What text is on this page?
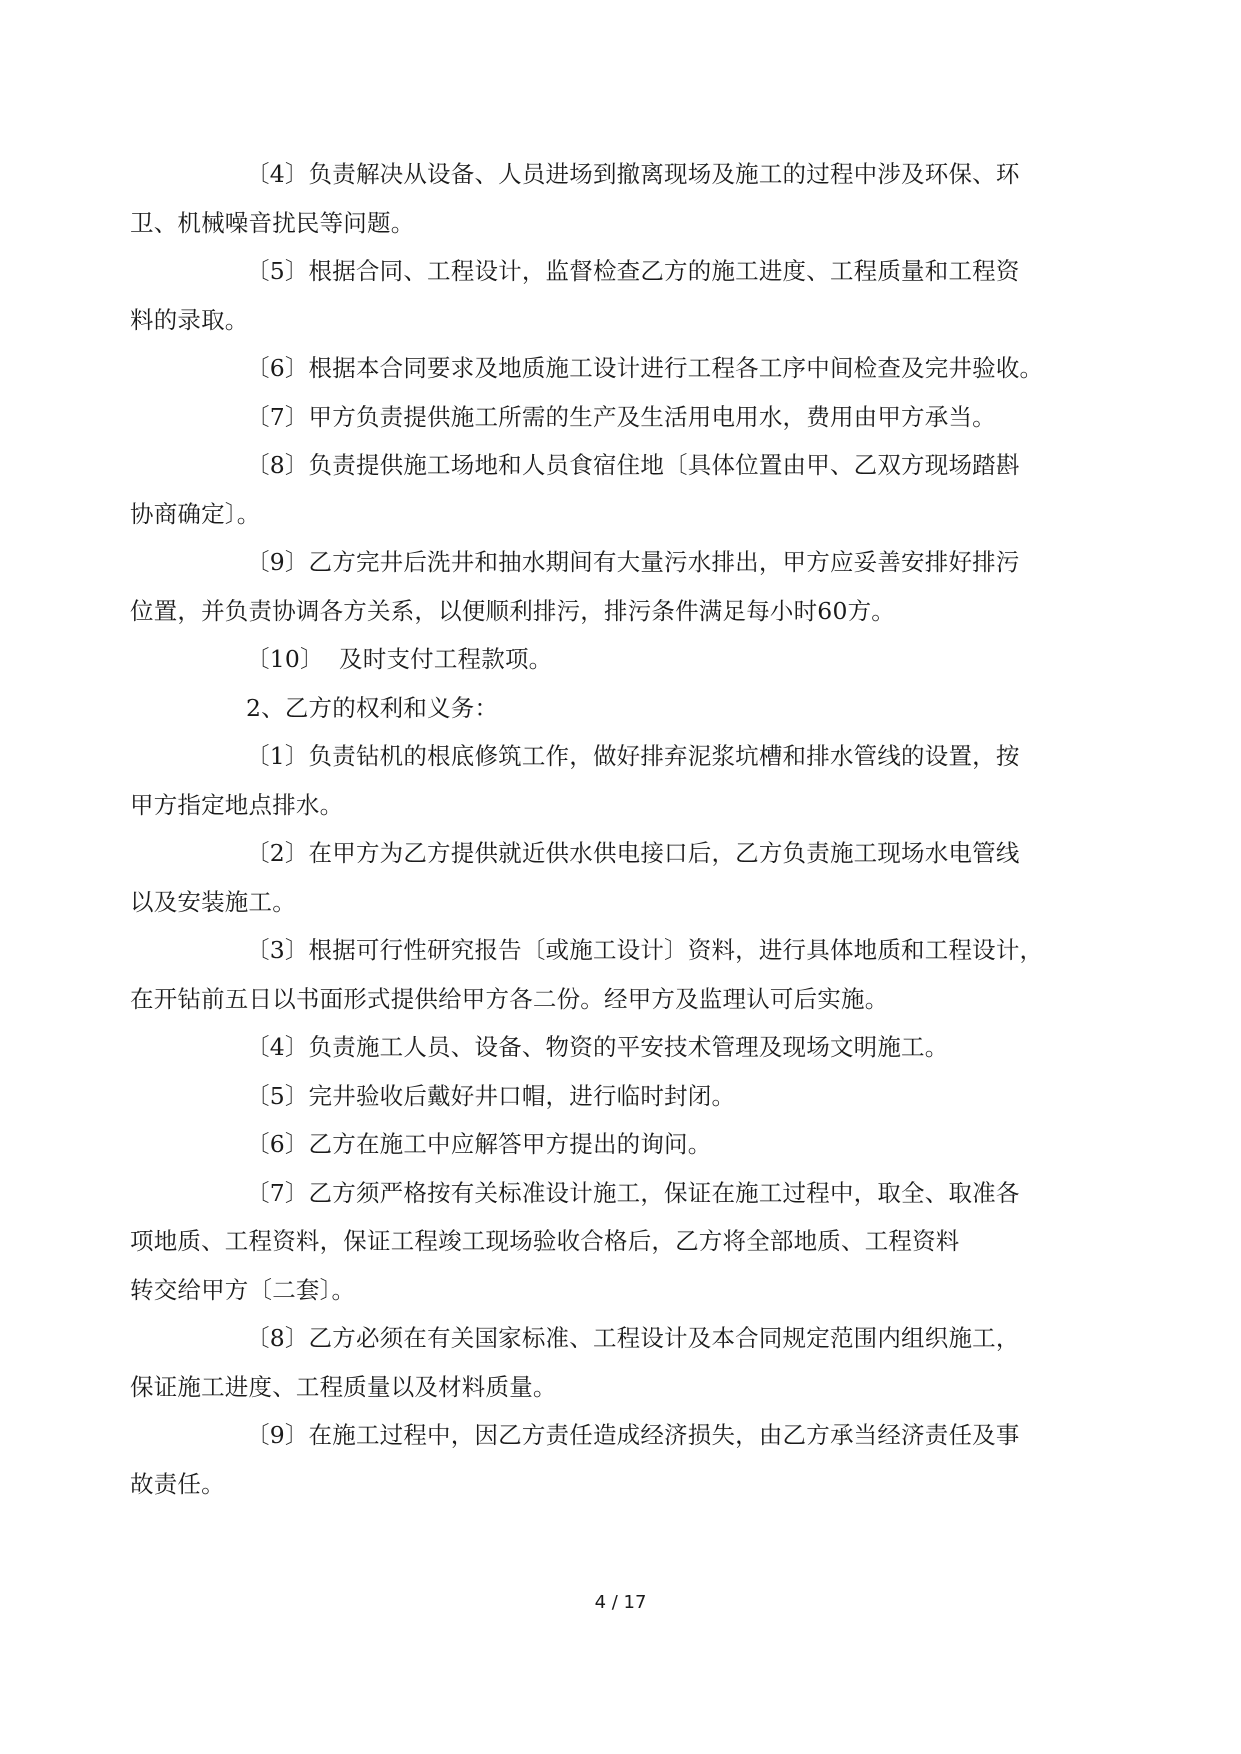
〔4〕负责解决从设备、人员进场到撤离现场及施工的过程中涉及环保、环
卫、机械噪音扰民等问题。

〔5〕根据合同、工程设计，监督检查乙方的施工进度、工程质量和工程资
料的录取。

〔6〕根据本合同要求及地质施工设计进行工程各工序中间检查及完井验收。

〔7〕甲方负责提供施工所需的生产及生活用电用水，费用由甲方承当。

〔8〕负责提供施工场地和人员食宿住地〔具体位置由甲、乙双方现场踏斟
协商确定〕。

〔9〕乙方完井后洗井和抽水期间有大量污水排出，甲方应妥善安排好排污
位置，并负责协调各方关系，以便顺利排污，排污条件满足每小时60方。

〔10〕  及时支付工程款项。

2、乙方的权利和义务：

〔1〕负责钻机的根底修筑工作，做好排弃泥浆坑槽和排水管线的设置，按
甲方指定地点排水。

〔2〕在甲方为乙方提供就近供水供电接口后，乙方负责施工现场水电管线
以及安装施工。

〔3〕根据可行性研究报告〔或施工设计〕资料，进行具体地质和工程设计，
在开钻前五日以书面形式提供给甲方各二份。经甲方及监理认可后实施。

〔4〕负责施工人员、设备、物资的平安技术管理及现场文明施工。

〔5〕完井验收后戴好井口帽，进行临时封闭。

〔6〕乙方在施工中应解答甲方提出的询问。

〔7〕乙方须严格按有关标准设计施工，保证在施工过程中，取全、取准各
项地质、工程资料，保证工程竣工现场验收合格后，乙方将全部地质、工程资料
转交给甲方〔二套〕。

〔8〕乙方必须在有关国家标准、工程设计及本合同规定范围内组织施工，
保证施工进度、工程质量以及材料质量。

〔9〕在施工过程中，因乙方责任造成经济损失，由乙方承当经济责任及事
故责任。

4 / 17
